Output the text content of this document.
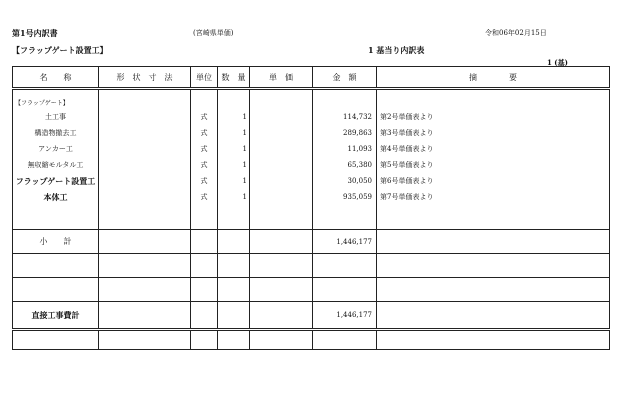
第1号内訳書	(宮崎県単価)	令和06年02月15日
【フラップゲート設置工】	1 基当り内訳表
1 (基)
名　　称	形　状　寸　法	単位	数　量	単　価	金　額	摘　　　　要

【フラップゲート】						
土工事		式	1		114,732	第2号単価表より
構造物撤去工		式	1		289,863	第3号単価表より
アンカー工		式	1		11,093	第4号単価表より
無収縮モルタル工		式	1		65,380	第5号単価表より
フラップゲート設置工		式	1		30,050	第6号単価表より
本体工		式	1		935,059	第7号単価表より

小　　計					1,446,177	

直接工事費計					1,446,177	
